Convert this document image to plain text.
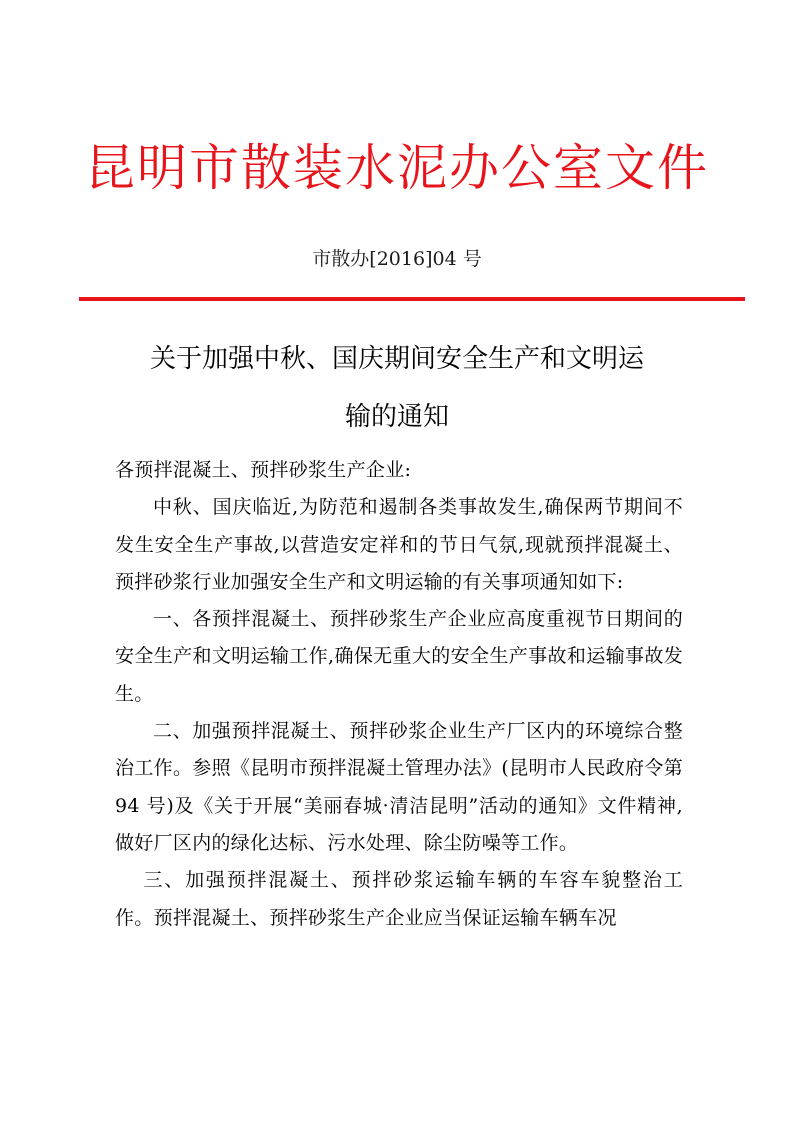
昆明市散装水泥办公室文件
市散办[2016]04 号
关于加强中秋、国庆期间安全生产和文明运
输的通知

各预拌混凝土、预拌砂浆生产企业:

中秋、国庆临近,为防范和遏制各类事故发生,确保两节期间不发生安全生产事故,以营造安定祥和的节日气氛,现就预拌混凝土、预拌砂浆行业加强安全生产和文明运输的有关事项通知如下:

一、各预拌混凝土、预拌砂浆生产企业应高度重视节日期间的安全生产和文明运输工作,确保无重大的安全生产事故和运输事故发生。

二、加强预拌混凝土、预拌砂浆企业生产厂区内的环境综合整治工作。参照《昆明市预拌混凝土管理办法》(昆明市人民政府令第 94 号)及《关于开展“美丽春城·清洁昆明”活动的通知》文件精神,做好厂区内的绿化达标、污水处理、除尘防噪等工作。

三、加强预拌混凝土、预拌砂浆运输车辆的车容车貌整治工作。预拌混凝土、预拌砂浆生产企业应当保证运输车辆车况
